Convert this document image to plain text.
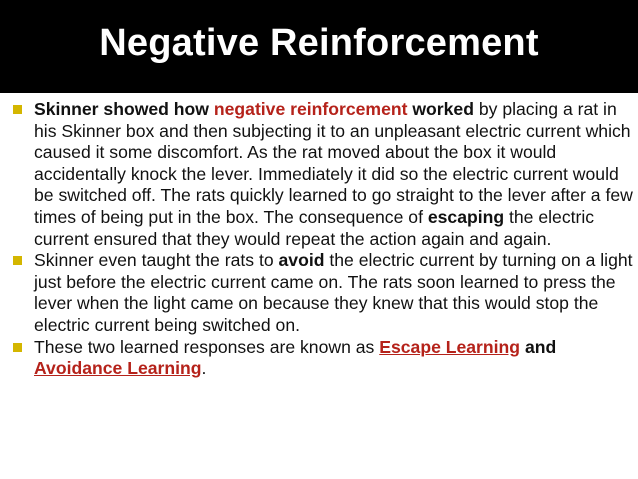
Negative Reinforcement

Skinner showed how negative reinforcement worked by placing a rat in his Skinner box and then subjecting it to an unpleasant electric current which caused it some discomfort. As the rat moved about the box it would accidentally knock the lever. Immediately it did so the electric current would be switched off. The rats quickly learned to go straight to the lever after a few times of being put in the box. The consequence of escaping the electric current ensured that they would repeat the action again and again.

Skinner even taught the rats to avoid the electric current by turning on a light just before the electric current came on. The rats soon learned to press the lever when the light came on because they knew that this would stop the electric current being switched on.

These two learned responses are known as Escape Learning and Avoidance Learning.
